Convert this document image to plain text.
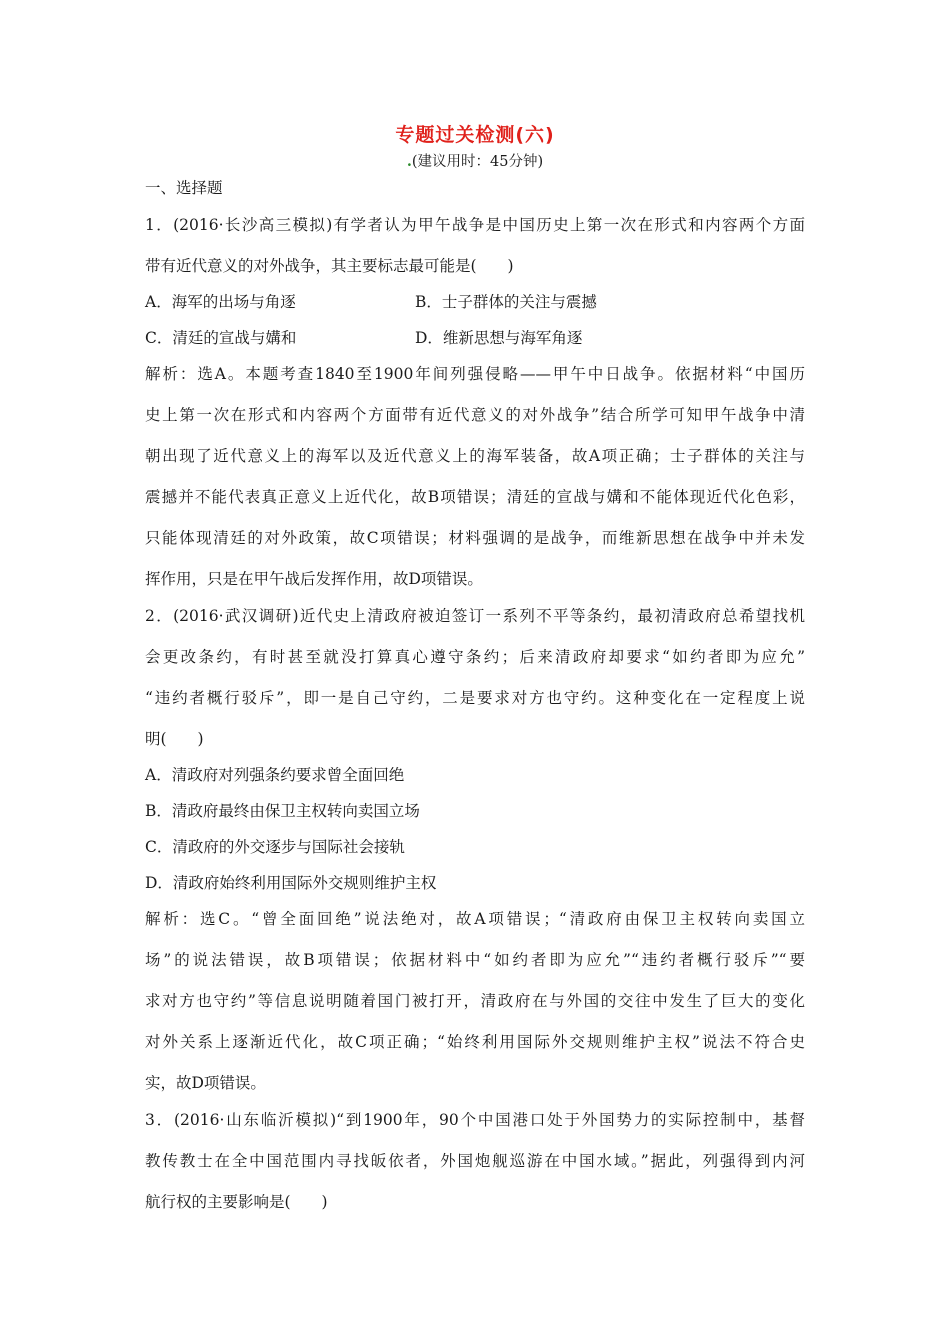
专题过关检测(六)
.(建议用时：45分钟)
一、选择题
1．(2016·长沙高三模拟)有学者认为甲午战争是中国历史上第一次在形式和内容两个方面
带有近代意义的对外战争，其主要标志最可能是(　　)
A．海军的出场与角逐	B．士子群体的关注与震撼
C．清廷的宣战与媾和	D．维新思想与海军角逐
解析：选A。本题考查1840至1900年间列强侵略——甲午中日战争。依据材料“中国历
史上第一次在形式和内容两个方面带有近代意义的对外战争”结合所学可知甲午战争中清
朝出现了近代意义上的海军以及近代意义上的海军装备，故A项正确；士子群体的关注与
震撼并不能代表真正意义上近代化，故B项错误；清廷的宣战与媾和不能体现近代化色彩，
只能体现清廷的对外政策，故C项错误；材料强调的是战争，而维新思想在战争中并未发
挥作用，只是在甲午战后发挥作用，故D项错误。
2．(2016·武汉调研)近代史上清政府被迫签订一系列不平等条约，最初清政府总希望找机
会更改条约，有时甚至就没打算真心遵守条约；后来清政府却要求“如约者即为应允”
“违约者概行驳斥”，即一是自己守约，二是要求对方也守约。这种变化在一定程度上说
明(　　)
A．清政府对列强条约要求曾全面回绝
B．清政府最终由保卫主权转向卖国立场
C．清政府的外交逐步与国际社会接轨
D．清政府始终利用国际外交规则维护主权
解析：选C。“曾全面回绝”说法绝对，故A项错误；“清政府由保卫主权转向卖国立
场”的说法错误，故B项错误；依据材料中“如约者即为应允”“违约者概行驳斥”“要
求对方也守约”等信息说明随着国门被打开，清政府在与外国的交往中发生了巨大的变化
对外关系上逐渐近代化，故C项正确；“始终利用国际外交规则维护主权”说法不符合史
实，故D项错误。
3．(2016·山东临沂模拟)“到1900年，90个中国港口处于外国势力的实际控制中，基督
教传教士在全中国范围内寻找皈依者，外国炮舰巡游在中国水域。”据此，列强得到内河
航行权的主要影响是(　　)
